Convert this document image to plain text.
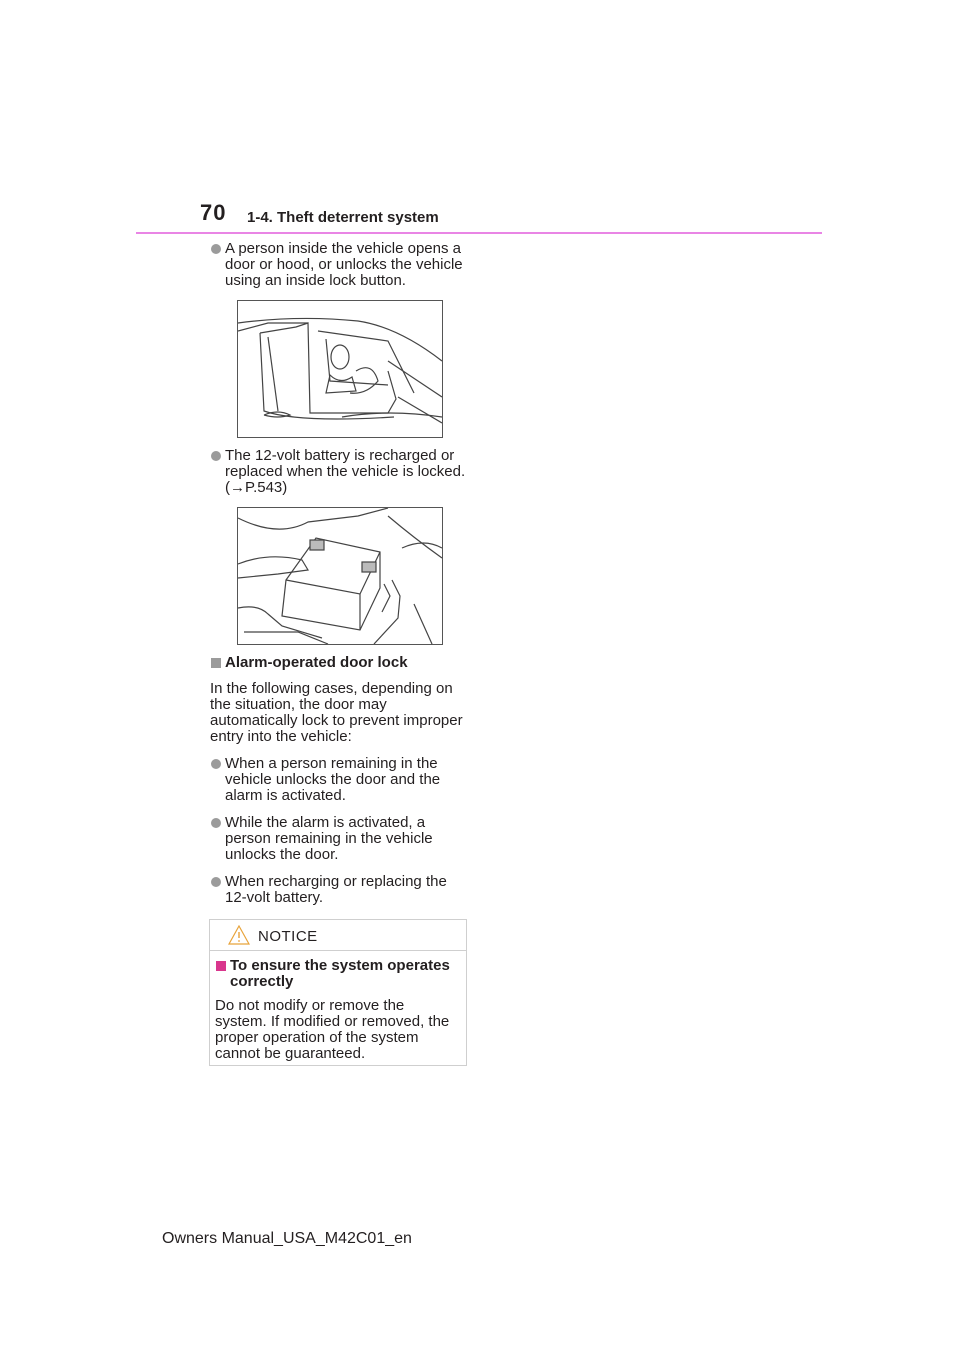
70 1-4. Theft deterrent system
A person inside the vehicle opens a door or hood, or unlocks the vehicle using an inside lock button.
The 12-volt battery is recharged or replaced when the vehicle is locked. (→P.543)
Alarm-operated door lock
In the following cases, depending on the situation, the door may automatically lock to prevent improper entry into the vehicle:
When a person remaining in the vehicle unlocks the door and the alarm is activated.
While the alarm is activated, a person remaining in the vehicle unlocks the door.
When recharging or replacing the 12-volt battery.
NOTICE
To ensure the system operates correctly
Do not modify or remove the system. If modified or removed, the proper operation of the system cannot be guaranteed.
Owners Manual_USA_M42C01_en
